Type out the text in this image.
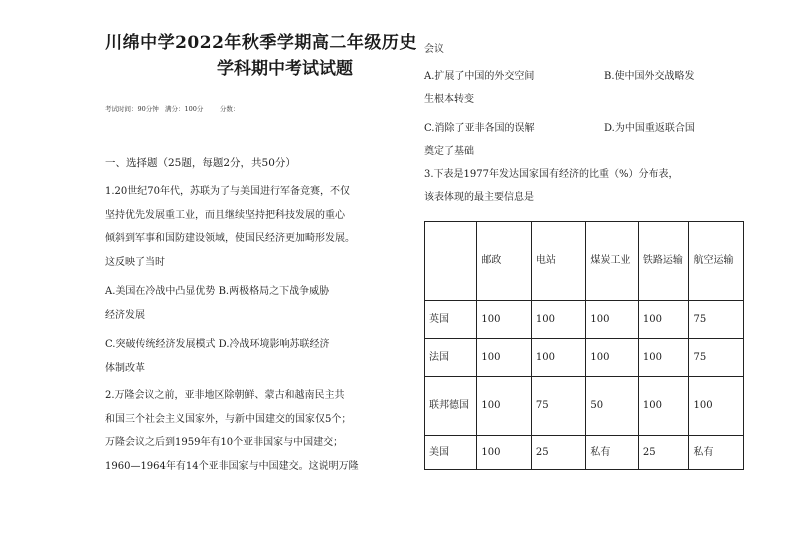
川绵中学2022年秋季学期高二年级历史
学科期中考试试题
考试时间：90分钟   满分：100分        分数：
一、选择题（25题，每题2分，共50分）

1.20世纪70年代，苏联为了与美国进行军备竞赛，不仅

坚持优先发展重工业，而且继续坚持把科技发展的重心

倾斜到军事和国防建设领域，使国民经济更加畸形发展。

这反映了当时

A.美国在冷战中凸显优势 B.两极格局之下战争威胁

经济发展

C.突破传统经济发展模式 D.冷战环境影响苏联经济

体制改革

2.万隆会议之前，亚非地区除朝鲜、蒙古和越南民主共

和国三个社会主义国家外，与新中国建交的国家仅5个；

万隆会议之后到1959年有10个亚非国家与中国建交；

1960—1964年有14个亚非国家与中国建交。这说明万隆

会议

A.扩展了中国的外交空间	B.使中国外交战略发

生根本转变

C.消除了亚非各国的误解	D.为中国重返联合国

奠定了基础

3.下表是1977年发达国家国有经济的比重（%）分布表，

该表体现的最主要信息是

	邮政	电站	煤炭工业	铁路运输	航空运输
英国	100	100	100	100	75
法国	100	100	100	100	75
联邦德国	100	75	50	100	100
美国	100	25	私有	25	私有
